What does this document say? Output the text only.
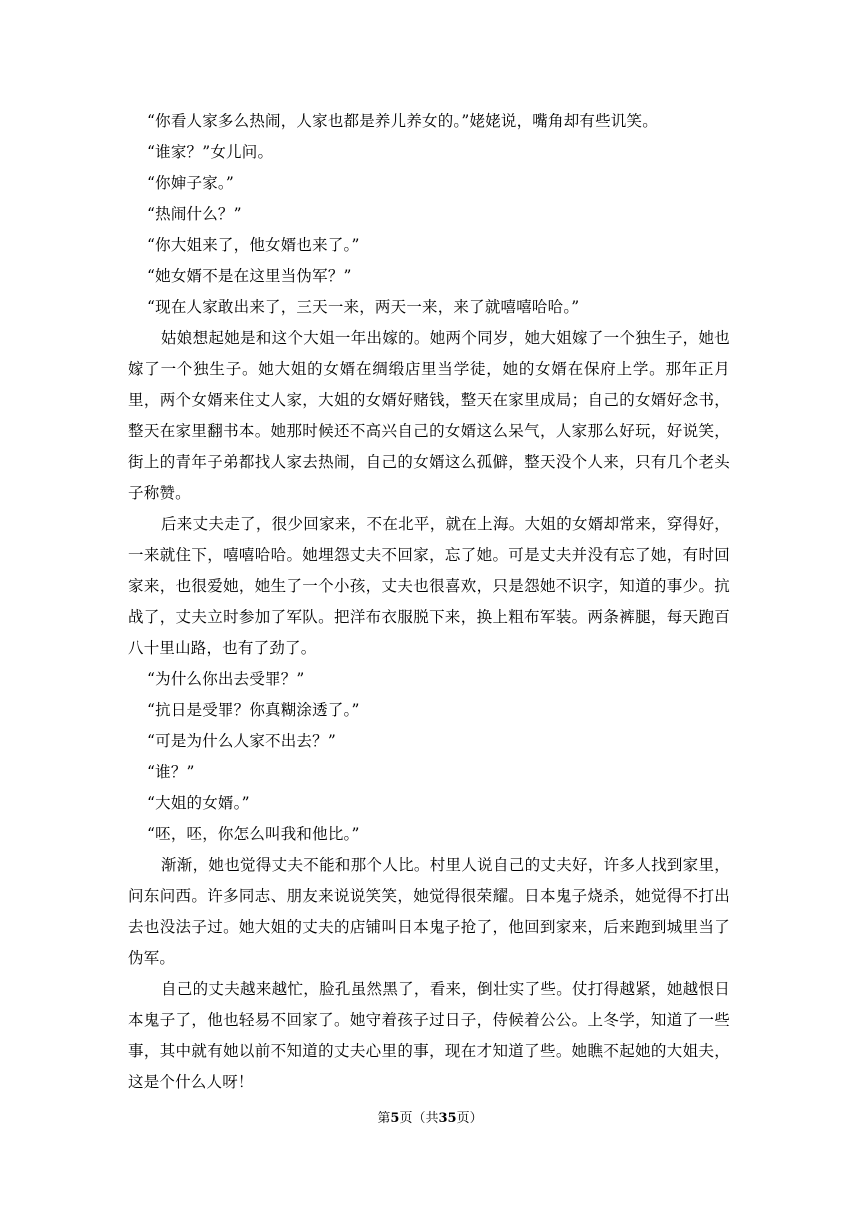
“你看人家多么热闹，人家也都是养儿养女的。”姥姥说，嘴角却有些讥笑。

“谁家？”女儿问。

“你婶子家。”

“热闹什么？”

“你大姐来了，他女婿也来了。”

“她女婿不是在这里当伪军？”

“现在人家敢出来了，三天一来，两天一来，来了就嘻嘻哈哈。”

姑娘想起她是和这个大姐一年出嫁的。她两个同岁，她大姐嫁了一个独生子，她也嫁了一个独生子。她大姐的女婿在绸缎店里当学徒，她的女婿在保府上学。那年正月里，两个女婿来住丈人家，大姐的女婿好赌钱，整天在家里成局；自己的女婿好念书，整天在家里翻书本。她那时候还不高兴自己的女婿这么呆气，人家那么好玩，好说笑，街上的青年子弟都找人家去热闹，自己的女婿这么孤僻，整天没个人来，只有几个老头子称赞。

后来丈夫走了，很少回家来，不在北平，就在上海。大姐的女婿却常来，穿得好，一来就住下，嘻嘻哈哈。她埋怨丈夫不回家，忘了她。可是丈夫并没有忘了她，有时回家来，也很爱她，她生了一个小孩，丈夫也很喜欢，只是怨她不识字，知道的事少。抗战了，丈夫立时参加了军队。把洋布衣服脱下来，换上粗布军装。两条裤腿，每天跑百八十里山路，也有了劲了。

“为什么你出去受罪？”

“抗日是受罪？你真糊涂透了。”

“可是为什么人家不出去？”

“谁？”

“大姐的女婿。”

“呸，呸，你怎么叫我和他比。”

渐渐，她也觉得丈夫不能和那个人比。村里人说自己的丈夫好，许多人找到家里，问东问西。许多同志、朋友来说说笑笑，她觉得很荣耀。日本鬼子烧杀，她觉得不打出去也没法子过。她大姐的丈夫的店铺叫日本鬼子抢了，他回到家来，后来跑到城里当了伪军。

自己的丈夫越来越忙，脸孔虽然黑了，看来，倒壮实了些。仗打得越紧，她越恨日本鬼子了，他也轻易不回家了。她守着孩子过日子，侍候着公公。上冬学，知道了一些事，其中就有她以前不知道的丈夫心里的事，现在才知道了些。她瞧不起她的大姐夫，这是个什么人呀！

第5页（共35页）
